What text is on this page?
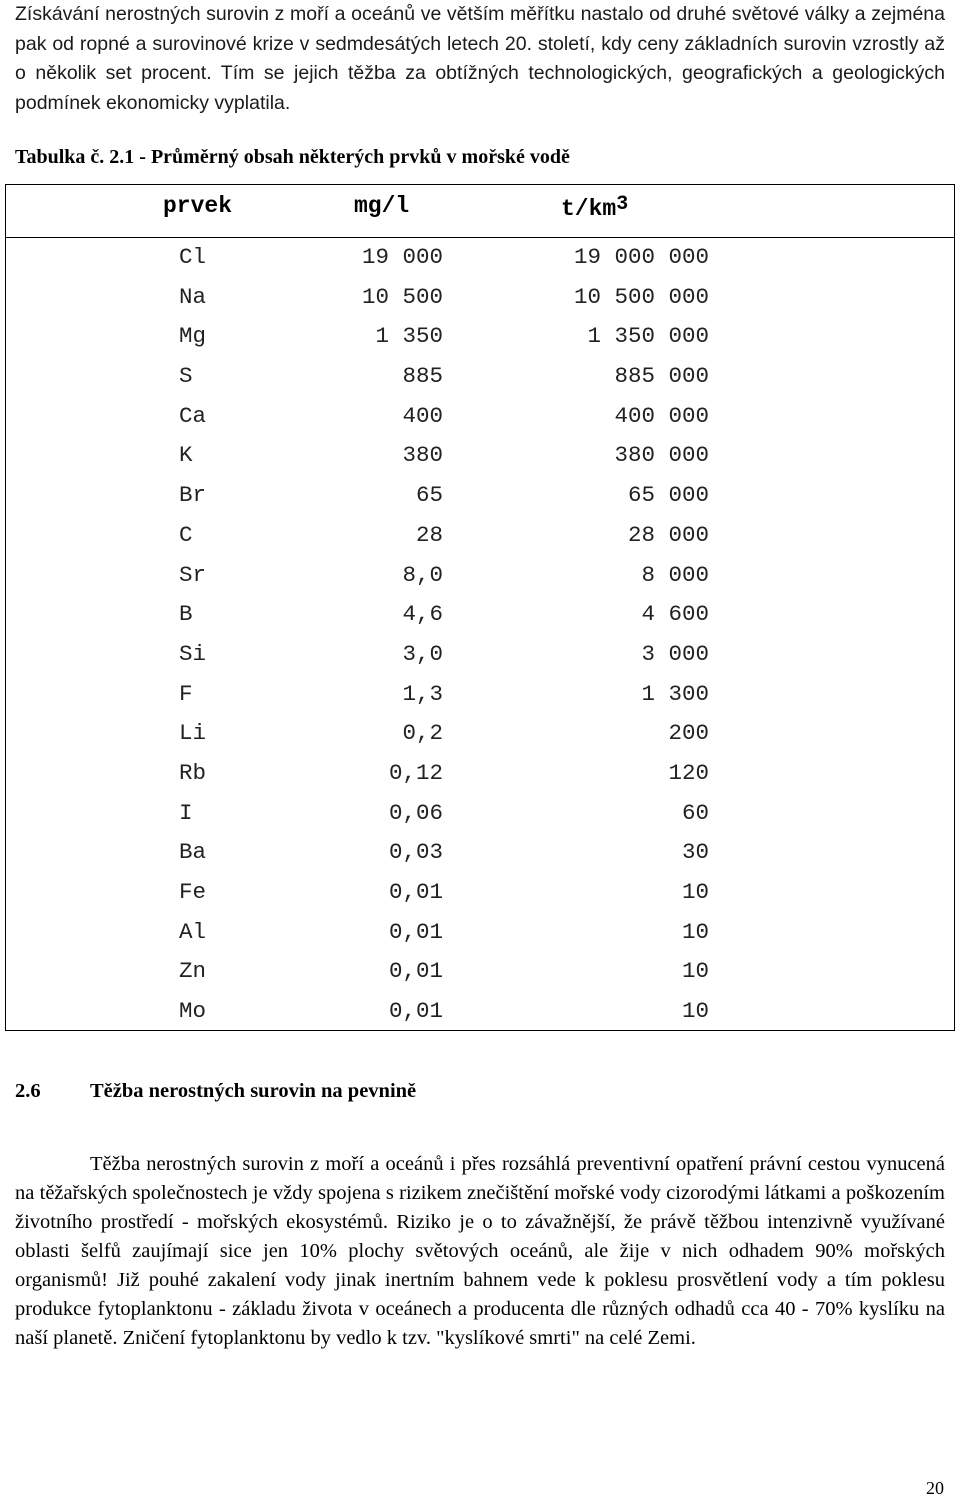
Získávání nerostných surovin z moří a oceánů ve větším měřítku nastalo od druhé světové války a zejména pak od ropné a surovinové krize v sedmdesátých letech 20. století, kdy ceny základních surovin vzrostly až o několik set procent. Tím se jejich těžba za obtížných technologických, geografických a geologických podmínek ekonomicky vyplatila.
Tabulka č. 2.1 - Průměrný obsah některých prvků v mořské vodě
prvek	mg/l	$t/km^3$
Cl	19 000	19 000 000
Na	10 500	10 500 000
Mg	1 350	1 350 000
S	885	885 000
Ca	400	400 000
K	380	380 000
Br	65	65 000
C	28	28 000
Sr	8,0	8 000
B	4,6	4 600
Si	3,0	3 000
F	1,3	1 300
Li	0,2	200
Rb	0,12	120
I	0,06	60
Ba	0,03	30
Fe	0,01	10
Al	0,01	10
Zn	0,01	10
Mo	0,01	10
2.6 Těžba nerostných surovin na pevnině
Těžba nerostných surovin z moří a oceánů i přes rozsáhlá preventivní opatření právní cestou vynucená na těžařských společnostech je vždy spojena s rizikem znečištění mořské vody cizorodými látkami a poškozením životního prostředí - mořských ekosystémů. Riziko je o to závažnější, že právě těžbou intenzivně využívané oblasti šelfů zaujímají sice jen 10% plochy světových oceánů, ale žije v nich odhadem 90% mořských organismů! Již pouhé zakalení vody jinak inertním bahnem vede k poklesu prosvětlení vody a tím poklesu produkce fytoplanktonu - základu života v oceánech a producenta dle různých odhadů cca 40 - 70% kyslíku na naší planetě. Zničení fytoplanktonu by vedlo k tzv. "kyslíkové smrti" na celé Zemi.
20
